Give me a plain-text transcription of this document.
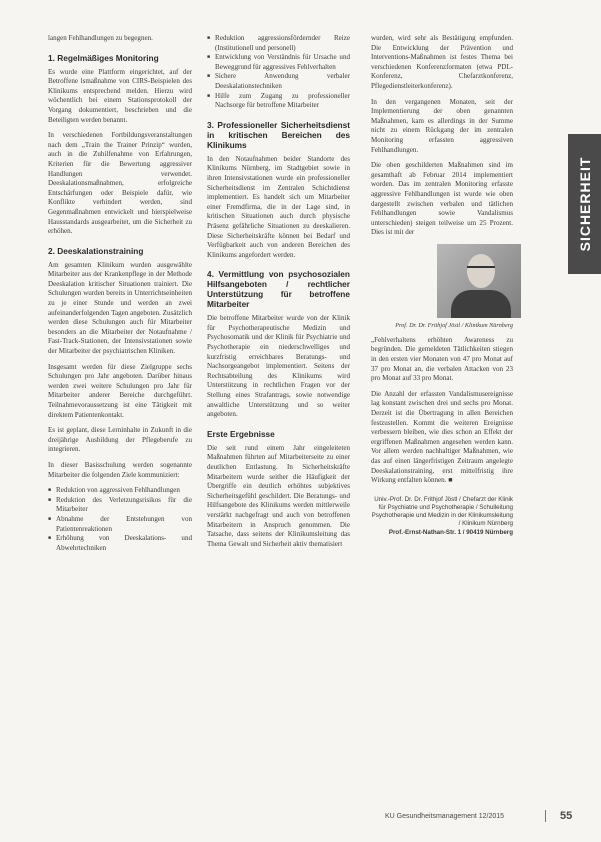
SICHERHEIT

langen Fehlhandlungen zu begegnen.

1. Regelmäßiges Monitoring

Es wurde eine Plattform eingerichtet, auf der Betroffene lsmaßnahme von CIRS-Beispielen des Klinikums entsprechend melden. Hierzu wird wöchentlich bei einem Stationsprotokoll der Vorgang dokumentiert, beschrieben und die Beteiligten werden benannt.

In verschiedenen Fortbildungsveranstaltungen nach dem „Train the Trainer Prinzip“ wurden, auch in die Zuhilfenahme von Erfahrungen, Kriterien für die Bewertung aggressiver Handlungen verwendet. Deeskalationsmaßnahmen, erfolgreiche Entschärfungen oder Beispiele dafür, wie Konflikte verhindert werden, sind Gegenmaßnahmen entwickelt und hierspielweise Hausstandards ausgearbeitet, um die Sicherheit zu erhöhen.

2. Deeskalationstraining

Am gesamten Klinikum wurden ausgewählte Mitarbeiter aus der Krankenpflege in der Methode Deeskalation kritischer Situationen trainiert. Die Schulungen wurden bereits in Unterrichtseinheiten zu je einer Stunde und werden an zwei aufeinanderfolgenden Tagen angeboten. Zusätzlich werden diese Schulungen auch für Mitarbeiter besonders an die Mitarbeiter der Notaufnahme / Fast-Track-Stationen, der Intensivstationen sowie der Mitarbeiter der psychiatrischen Kliniken.

Insgesamt werden für diese Zielgruppe sechs Schulungen pro Jahr angeboten. Darüber hinaus werden zwei weitere Schulungen pro Jahr für Mitarbeiter anderer Bereiche durchgeführt. Teilnahmevoraussetzung ist eine Tätigkeit mit direktem Patientenkontakt.

Es ist geplant, diese Lerninhalte in Zukunft in die dreijährige Ausbildung der Pflegeberufe zu integrieren.

In dieser Basisschulung werden sogenannte Mitarbeiter die folgenden Ziele kommuniziert:

■ Reduktion von aggressiven Fehlhandlungen
■ Reduktion des Verletzungsrisikos für die Mitarbeiter
■ Abnahme der Entstehungen von Patientenreaktionen
■ Erhöhung von Deeskalations- und Abwehrtechniken
■ Reduktion aggressionsfördernder Reize (Institutionell und personell)
■ Entwicklung von Verständnis für Ursache und Beweggrund für aggressives Fehlverhalten
■ Sichere Anwendung verbaler Deeskalationstechniken
■ Hilfe zum Zugang zu professioneller Nachsorge für betroffene Mitarbeiter
3. Professioneller Sicherheitsdienst in kritischen Bereichen des Klinikums

In den Notaufnahmen beider Standorte des Klinikums Nürnberg, im Stadtgebiet sowie in ihren Intensivstationen wurde ein professioneller Sicherheitsdienst im Zentralen Schichtdienst implementiert. Es handelt sich um Mitarbeiter einer Fremdfirma, die in der Lage sind, in kritischen Situationen auch durch physische Präsenz gefährliche Situationen zu deeskalieren. Diese Sicherheitskräfte können bei Bedarf und Verfügbarkeit auch von anderen Bereichen des Klinikums angefordert werden.

4. Vermittlung von psychosozialen Hilfsangeboten / rechtlicher Unterstützung für betroffene Mitarbeiter

Die betroffene Mitarbeiter wurde von der Klinik für Psychotherapeutische Medizin und Psychosomatik und der Klinik für Psychiatrie und Psychotherapie ein niederschwelliges und kurzfristig erreichbares Beratungs- und Nachsorgeangebot implementiert. Seitens der Rechtsabteilung des Klinikums wird Unterstützung in rechtlichen Fragen vor der Stellung eines Strafantrags, sowie notwendige anwaltliche Unterstützung und so weiter angeboten.

Erste Ergebnisse

Die seit rund einem Jahr eingeleiteten Maßnahmen führten auf Mitarbeiterseite zu einer deutlichen Entlastung. In Sicherheitskräfte Mitarbeitern wurde seither die Häufigkeit der Übergriffe ein deutlich erhöhtes subjektives Sicherheitsgefühl geschildert. Die Beratungs- und Hilfsangebote des Klinikums werden mittlerweile verstärkt nachgefragt und auch von betroffenen Mitarbeitern in Anspruch genommen. Die Tatsache, dass seitens der Klinikumsleitung das Thema Gewalt und Sicherheit aktiv thematisiert

wurden, wird sehr als Bestätigung empfunden. Die Entwicklung der Prävention und Interventions-Maßnahmen ist festes Thema bei verschiedenen Konferenzformaten (etwa PDL-Konferenz, Chefarztkonferenz, Pflegedienstleiterkonferenz).

In den vergangenen Monaten, seit der Implementierung der oben genannten Maßnahmen, kam es allerdings in der Summe nicht zu einem Rückgang der im zentralen Monitoring erfassten aggressiven Fehlhandlungen.

Die oben geschilderten Maßnahmen sind im gesamthaft ab Februar 2014 implementiert worden. Das im zentralen Monitoring erfasste aggressive Fehlhandlungen ist wurde wie oben dargestellt zwischen verbalen und tätlichen Fehlhandlungen sowie Vandalismus unterschieden) steigen teilweise um 25 Prozent. Dies ist mit der

Prof. Dr. Dr. Frithjof Jöstl / Klinikum Nürnberg

„Fehlverhaltens erhöhten Awareness zu begründen. Die gemeldeten Tätlichkeiten stiegen in den ersten vier Monaten von 47 pro Monat auf 37 pro Monat an, die verbalen Attacken von 23 pro Monat auf 33 pro Monat.

Die Anzahl der erfassten Vandalismusereignisse lag konstant zwischen drei und sechs pro Monat. Derzeit ist die Übertragung in allen Bereichen festzustellen. Kommt die weiteren Ereignisse verbessern bleiben, wie dies schon an Effekt der ergriffenen Maßnahmen angesehen werden kann. Vor allem werden nachhaltiger Maßnahmen, wie das auf einen längerfristigen Zeitraum angelegte Deeskalationstraining, erst mittelfristig ihre Wirkung entfalten können. ■

Univ.-Prof. Dr. Dr. Frithjof Jöstl / Chefarzt der Klinik für Psychiatrie und Psychotherapie / Schulleitung Psychotherapie und Medizin in der Klinikumsleitung / Klinikum Nürnberg
Prof.-Ernst-Nathan-Str. 1 / 90419 Nürnberg
KU Gesundheitsmanagement 12/2015	55
